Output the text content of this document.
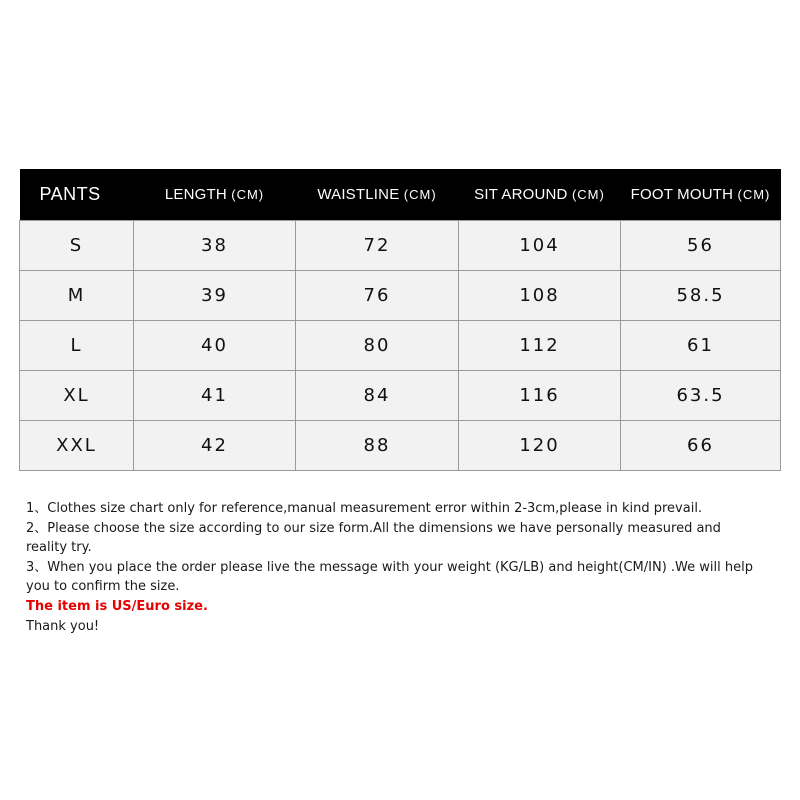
PANTS	LENGTH (CM)	WAISTLINE (CM)	SIT AROUND (CM)	FOOT MOUTH (CM)
S	38	72	104	56
M	39	76	108	58.5
L	40	80	112	61
XL	41	84	116	63.5
XXL	42	88	120	66

1、Clothes size chart only for reference,manual measurement error within 2-3cm,please in kind prevail.

2、Please choose the size according to our size form.All the dimensions we have personally measured and reality try.

3、When you place the order please live the message with your weight (KG/LB) and height(CM/IN) .We will help you to confirm the size.

The item is US/Euro size.

Thank you!
